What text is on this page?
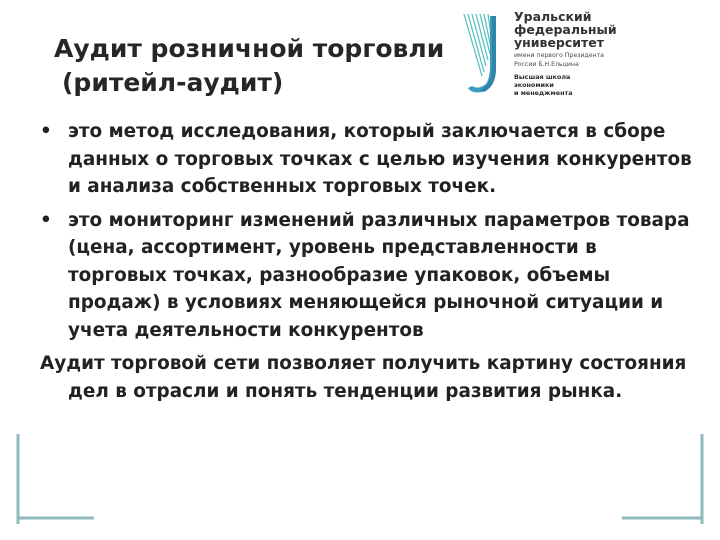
Аудит розничной торговли
(ритейл-аудит)
Уральский
федеральный
университет
имени первого Президента
России Б.Н.Ельцина
Высшая школа
экономики
и менеджмента
• это метод исследования, который заключается в сборе данных о торговых точках с целью изучения конкурентов и анализа собственных торговых точек.
• это мониторинг изменений различных параметров товара (цена, ассортимент, уровень представленности в торговых точках, разнообразие упаковок, объемы продаж) в условиях меняющейся рыночной ситуации и учета деятельности конкурентов
Аудит торговой сети позволяет получить картину состояния дел в отрасли и понять тенденции развития рынка.
